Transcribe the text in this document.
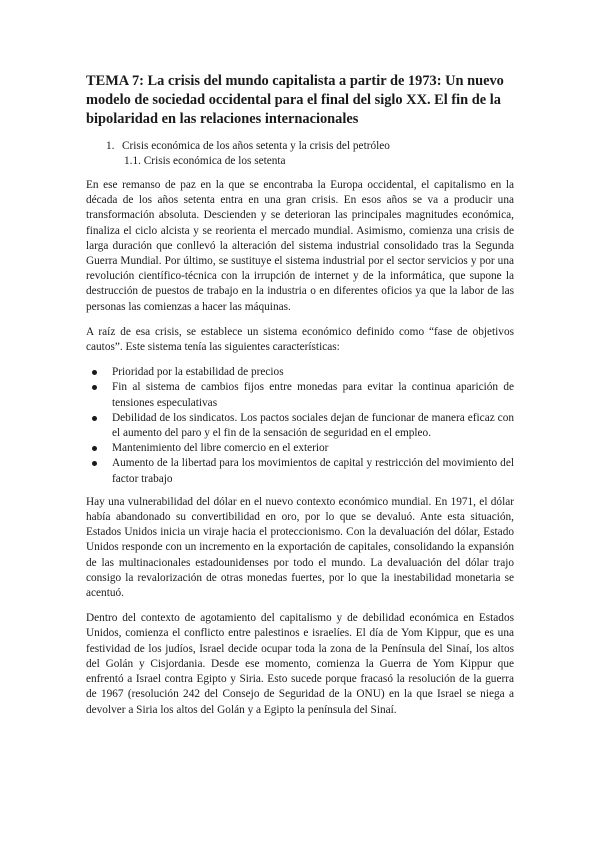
TEMA 7: La crisis del mundo capitalista a partir de 1973: Un nuevo modelo de sociedad occidental para el final del siglo XX. El fin de la bipolaridad en las relaciones internacionales
1. Crisis económica de los años setenta y la crisis del petróleo
1.1. Crisis económica de los setenta

En ese remanso de paz en la que se encontraba la Europa occidental, el capitalismo en la década de los años setenta entra en una gran crisis. En esos años se va a producir una transformación absoluta. Descienden y se deterioran las principales magnitudes económica, finaliza el ciclo alcista y se reorienta el mercado mundial. Asimismo, comienza una crisis de larga duración que conllevó la alteración del sistema industrial consolidado tras la Segunda Guerra Mundial. Por último, se sustituye el sistema industrial por el sector servicios y por una revolución científico-técnica con la irrupción de internet y de la informática, que supone la destrucción de puestos de trabajo en la industria o en diferentes oficios ya que la labor de las personas las comienzas a hacer las máquinas.

A raíz de esa crisis, se establece un sistema económico definido como “fase de objetivos cautos”. Este sistema tenía las siguientes características:

Prioridad por la estabilidad de precios
Fin al sistema de cambios fijos entre monedas para evitar la continua aparición de tensiones especulativas
Debilidad de los sindicatos. Los pactos sociales dejan de funcionar de manera eficaz con el aumento del paro y el fin de la sensación de seguridad en el empleo.
Mantenimiento del libre comercio en el exterior
Aumento de la libertad para los movimientos de capital y restricción del movimiento del factor trabajo

Hay una vulnerabilidad del dólar en el nuevo contexto económico mundial. En 1971, el dólar había abandonado su convertibilidad en oro, por lo que se devaluó. Ante esta situación, Estados Unidos inicia un viraje hacia el proteccionismo. Con la devaluación del dólar, Estado Unidos responde con un incremento en la exportación de capitales, consolidando la expansión de las multinacionales estadounidenses por todo el mundo. La devaluación del dólar trajo consigo la revalorización de otras monedas fuertes, por lo que la inestabilidad monetaria se acentuó.

Dentro del contexto de agotamiento del capitalismo y de debilidad económica en Estados Unidos, comienza el conflicto entre palestinos e israelíes. El día de Yom Kippur, que es una festividad de los judíos, Israel decide ocupar toda la zona de la Península del Sinaí, los altos del Golán y Cisjordania. Desde ese momento, comienza la Guerra de Yom Kippur que enfrentó a Israel contra Egipto y Siria. Esto sucede porque fracasó la resolución de la guerra de 1967 (resolución 242 del Consejo de Seguridad de la ONU) en la que Israel se niega a devolver a Siria los altos del Golán y a Egipto la península del Sinaí.
